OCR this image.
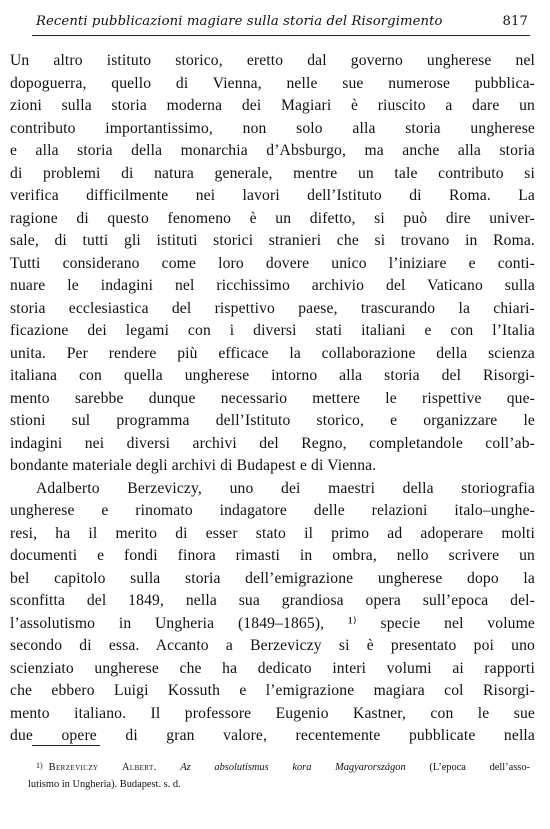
Recenti pubblicazioni magiare sulla storia del Risorgimento	817
Un altro istituto storico, eretto dal governo ungherese nel
dopoguerra, quello di Vienna, nelle sue numerose pubblica-
zioni sulla storia moderna dei Magiari è riuscito a dare un
contributo importantissimo, non solo alla storia ungherese
e alla storia della monarchia d’Absburgo, ma anche alla storia
di problemi di natura generale, mentre un tale contributo si
verifica difficilmente nei lavori dell’Istituto di Roma. La
ragione di questo fenomeno è un difetto, si può dire univer-
sale, di tutti gli istituti storici stranieri che si trovano in Roma.
Tutti considerano come loro dovere unico l’iniziare e conti-
nuare le indagini nel ricchissimo archivio del Vaticano sulla
storia ecclesiastica del rispettivo paese, trascurando la chiari-
ficazione dei legami con i diversi stati italiani e con l’Italia
unita. Per rendere più efficace la collaborazione della scienza
italiana con quella ungherese intorno alla storia del Risorgi-
mento sarebbe dunque necessario mettere le rispettive que-
stioni sul programma dell’Istituto storico, e organizzare le
indagini nei diversi archivi del Regno, completandole coll’ab-
bondante materiale degli archivi di Budapest e di Vienna.
Adalberto Berzeviczy, uno dei maestri della storiografia
ungherese e rinomato indagatore delle relazioni italo–unghe-
resi, ha il merito di esser stato il primo ad adoperare molti
documenti e fondi finora rimasti in ombra, nello scrivere un
bel capitolo sulla storia dell’emigrazione ungherese dopo la
sconfitta del 1849, nella sua grandiosa opera sull’epoca del-
l’assolutismo in Ungheria (1849–1865), ¹⁾ specie nel volume
secondo di essa. Accanto a Berzeviczy si è presentato poi uno
scienziato ungherese che ha dedicato interi volumi ai rapporti
che ebbero Luigi Kossuth e l’emigrazione magiara col Risorgi-
mento italiano. Il professore Eugenio Kastner, con le sue
due opere di gran valore, recentemente pubblicate nella
1) Berzeviczy Albert. Az absolutismus kora Magyarországon (L’epoca dell’asso-
lutismo in Ungheria). Budapest. s. d.
